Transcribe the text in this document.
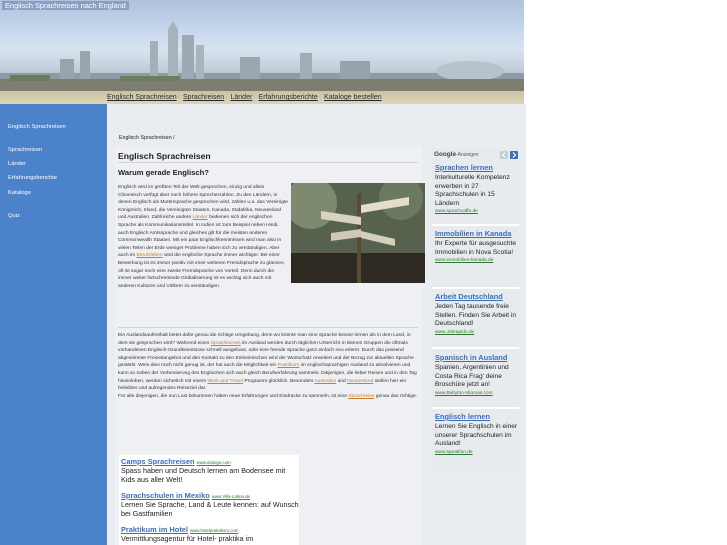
Englisch Sprachreisen nach England
Englisch Sprachreisen· Sprachreisen· Länder· Erfahrungsberichte· Kataloge bestellen
Englisch Sprachreisen
Sprachreisen
Länder
Erfahrungsberichte
Kataloge
Quiz
Englisch Sprachreisen /
Englisch Sprachreisen
Warum gerade Englisch?
Englisch wird im größten Teil der Welt gesprochen, einzig und allein Chinesisch verfügt über noch höhere Sprecherzahlen. Zu den Ländern, in denen Englisch als Muttersprache gesprochen wird, zählen u.a. das Vereinigte Königreich, Irland, die Vereinigten Staaten, Kanada, Südafrika, Neuseeland und Australien. Zahlreiche andere Länder bedienen sich der englischen Sprache als Kommunikationsmittel. In Indien ist zum Beispiel neben Hindi, auch Englisch Amtssprache und gleiches gilt für die meisten anderen Commonwealth Staaten. Mit ein paar Englischkenntnissen wird man also in vielen Teilen der Erde weniger Probleme haben sich zu verständigen. Aber auch im Berufsleben wird die englische Sprache immer wichtiger. Bei einer Bewerbung ist es immer positiv mit einer weiteren Fremdsprache zu glänzen, oft ist sogar noch eine zweite Fremdsprache von Vorteil. Denn durch die immer weiter fortschreitende Globalisierung ist es wichtig sich auch mit anderen Kulturen und Völkern zu verständigen.
Ein Auslandsaufenthalt bietet dafür genau die richtige Umgebung, denn wo könnte man eine Sprache besser lernen als in dem Land, in dem sie gesprochen wird? Während eines Sprachkurses im Ausland werden durch täglichen Unterricht in kleinen Gruppen die oftmals vorhandenen Englisch-Grundkenntnisse schnell ausgebaut, oder eine fremde Sprache ganz einfach neu erlernt. Durch das passend abgestimmte Freizeitangebot und den Kontakt zu den Einheimischen wird der Wortschatz erweitert und der Bezug zur aktuellen Sprache gestärkt. Wem dies noch nicht genug ist, der hat auch die Möglichkeit ein Praktikum im englischsprachigen Ausland zu absolvieren und kann so neben der Verbesserung des Englischen sich auch gleich Berufserfahrung sammeln. Diejenigen, die lieber Reisen und in den Tag hineinleben, werden sicherlich mit einem Work and Travel Programm glücklich. Besonders Australien und Neuseeland stellen hier ein beliebtes und aufregendes Reiseziel dar.
Für alle diejenigen, die nun Lust bekommen haben neue Erfahrungen und Eindrücke zu sammeln, ist eine Sprachreise genau das richtige.
Camps Sprachreisen www.dialoge.com
Spass haben und Deutsch lernen am Bodensee mit Kids aus aller Welt!
Sprachschulen in Mexiko www.Villa-Latina.de
Lernen Sie Sprache, Land & Leute kennen: auf Wunsch bei Gastfamilien
Praktikum im Hotel www.hotelpraktikum.com
Vermittlungsagentur für Hotel- praktika im
Google-Anzeigen
Sprachen lernen
Interkulturelle Kompetenz erwerben in 27 Sprachschulen in 15 Ländern
www.sprachcaffe.de
Immobilien in Kanada
Ihr Experte für ausgesuchte Immobilien in Nova Scotia!
www.immobilien-kanada.de
Arbeit Deutschland
Jeden Tag tausende freie Stellen. Finden Sie Arbeit in Deutschland!
www.Jobrapido.de
Spanisch in Ausland
Spanien, Argentinien und Costa Rica Frag' deine Broschüre jetzt an!
www.Babylon-Idiomas.com
Englisch lernen
Lernen Sie Englisch in einer unserer Sprachschulen im Ausland!
www.speakfun.de
